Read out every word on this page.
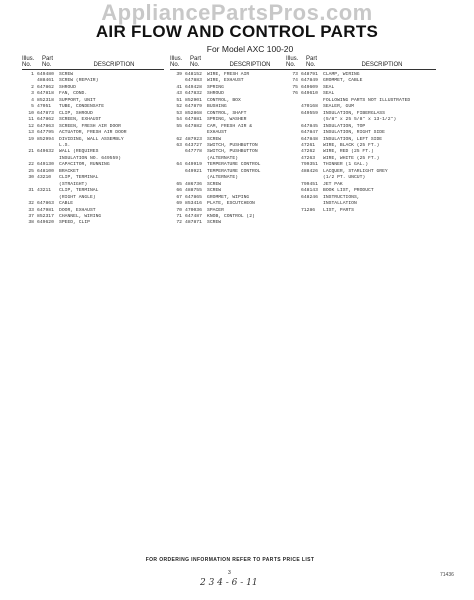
AppliancePartsPros.com
AIR FLOW AND CONTROL PARTS
For Model AXC 100-20
Illus.	Part
No.	No.	DESCRIPTION
1 649480	SCREW
488461	SCREW (REPAIR)
2 647862	SHROUD
3 647818	FAN, COND.
4 852318	SUPPORT, UNIT
5 47051	TUBE, CONDENSATE
10 647873	CLIP, SHROUD
11 647862	SCREEN, EXHAUST
12 647863	SCREEN, FRESH AIR DOOR
13 647795	ACTUATOR, FRESH AIR DOOR
19 852994	DIVIDING, WALL ASSEMBLY
L.S.
21 649632	WALL (REQUIRES
INSULATION NO. 649559)
22 649130	CAPACITOR, RUNNING
25 648100	BRACKET
30 43210	CLIP, TERMINAL
(STRAIGHT)
31 43211	CLIP, TERMINAL
(RIGHT ANGLE)
32 647863	CABLE
33 647981	DOOR, EXHAUST
37 852317	CHANNEL, WIRING
38 649620	SPEED, CLIP
Illus.	Part
No.	No.	DESCRIPTION
39 648152	WIRE, FRESH AIR
647883	WIRE, EXHAUST
41 649428	SPRING
43 647832	SHROUD
51 852901	CONTROL, BOX
52 647879	BUSHING
53 852868	CONTROL, SHAFT
54 647881	SPRING, WASHER
55 647882	CAM, FRESH AIR &
EXHAUST
62 487923	SCREW
63 643727	SWITCH, PUSHBUTTON
647778	SWITCH, PUSHBUTTON
(ALTERNATE)
64 649919	TEMPERATURE CONTROL
649921	TEMPERATURE CONTROL
(ALTERNATE)
65 486736	SCREW
66 488755	SCREW
67 647865	GROMMET, WIPING
69 853416	PLATE, ESCUTCHEON
70 470036	SPACER
71 647487	KNOB, CONTROL (2)
72 487871	SCREW
Illus.	Part
No.	No.	DESCRIPTION
73 648791	CLAMP, WIRING
74 647849	GROMMET, CABLE
75 649609	SEAL
76 649610	SEAL
FOLLOWING PARTS NOT ILLUSTRATED
470168	SEALER, GUM
649559	INSULATION, FIBERGLASS
(5/8" x 25 5/8" x 13-1/2")
647845	INSULATION, TOP
647847	INSULATION, RIGHT SIDE
647848	INSULATION, LEFT SIDE
47261	WIRE, BLACK (25 FT.)
47262	WIRE, RED (25 FT.)
47263	WIRE, WHITE (25 FT.)
799351	THINNER (1 GAL.)
488426	LACQUER, STARLIGHT GREY
(1/2 PT. UNCUT)
799451	JET PAK
648143	BOOK LIST, PRODUCT
648246	INSTRUCTIONS,
INSTALLATION
71286	LIST, PARTS
FOR ORDERING INFORMATION REFER TO PARTS PRICE LIST
3
2 3 4 - 6 - 11
71436
